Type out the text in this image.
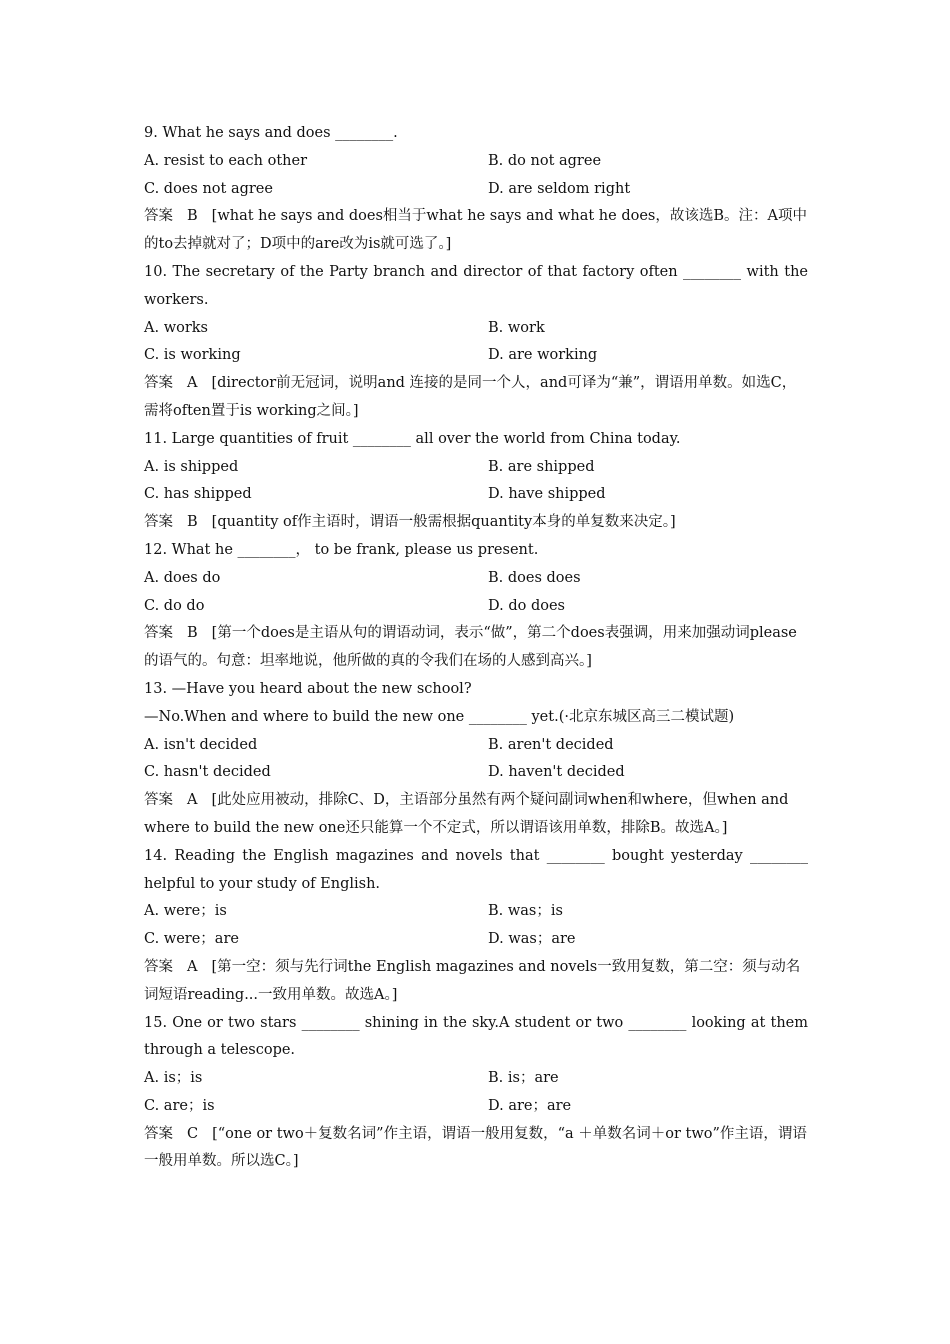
9. What he says and does ________.
A. resist to each other	B. do not agree
C. does not agree	D. are seldom right
答案 B [what he says and does相当于what he says and what he does，故该选B。注：A项中的to去掉就对了；D项中的are改为is就可选了。]
10. The secretary of the Party branch and director of that factory often ________ with the workers.
A. works	B. work
C. is working	D. are working
答案 A [director前无冠词，说明and 连接的是同一个人，and可译为“兼”，谓语用单数。如选C，需将often置于is working之间。]
11. Large quantities of fruit ________ all over the world from China today.
A. is shipped	B. are shipped
C. has shipped	D. have shipped
答案 B [quantity of作主语时，谓语一般需根据quantity本身的单复数来决定。]
12. What he ________， to be frank, please us present.
A. does do	B. does does
C. do do	D. do does
答案 B [第一个does是主语从句的谓语动词，表示“做”，第二个does表强调，用来加强动词please的语气的。句意：坦率地说，他所做的真的令我们在场的人感到高兴。]
13. —Have you heard about the new school?
—No.When and where to build the new one ________ yet.(·北京东城区高三二模试题)
A. isn't decided	B. aren't decided
C. hasn't decided	D. haven't decided
答案 A [此处应用被动，排除C、D，主语部分虽然有两个疑问副词when和where，但when and where to build the new one还只能算一个不定式，所以谓语该用单数，排除B。故选A。]
14. Reading the English magazines and novels that ________ bought yesterday ________ helpful to your study of English.
A. were；is	B. was；is
C. were；are	D. was；are
答案 A [第一空：须与先行词the English magazines and novels一致用复数，第二空：须与动名词短语reading...一致用单数。故选A。]
15. One or two stars ________ shining in the sky.A student or two ________ looking at them through a telescope.
A. is；is	B. is；are
C. are；is	D. are；are
答案 C [“one or two＋复数名词”作主语，谓语一般用复数，“a ＋单数名词＋or two”作主语，谓语一般用单数。所以选C。]
